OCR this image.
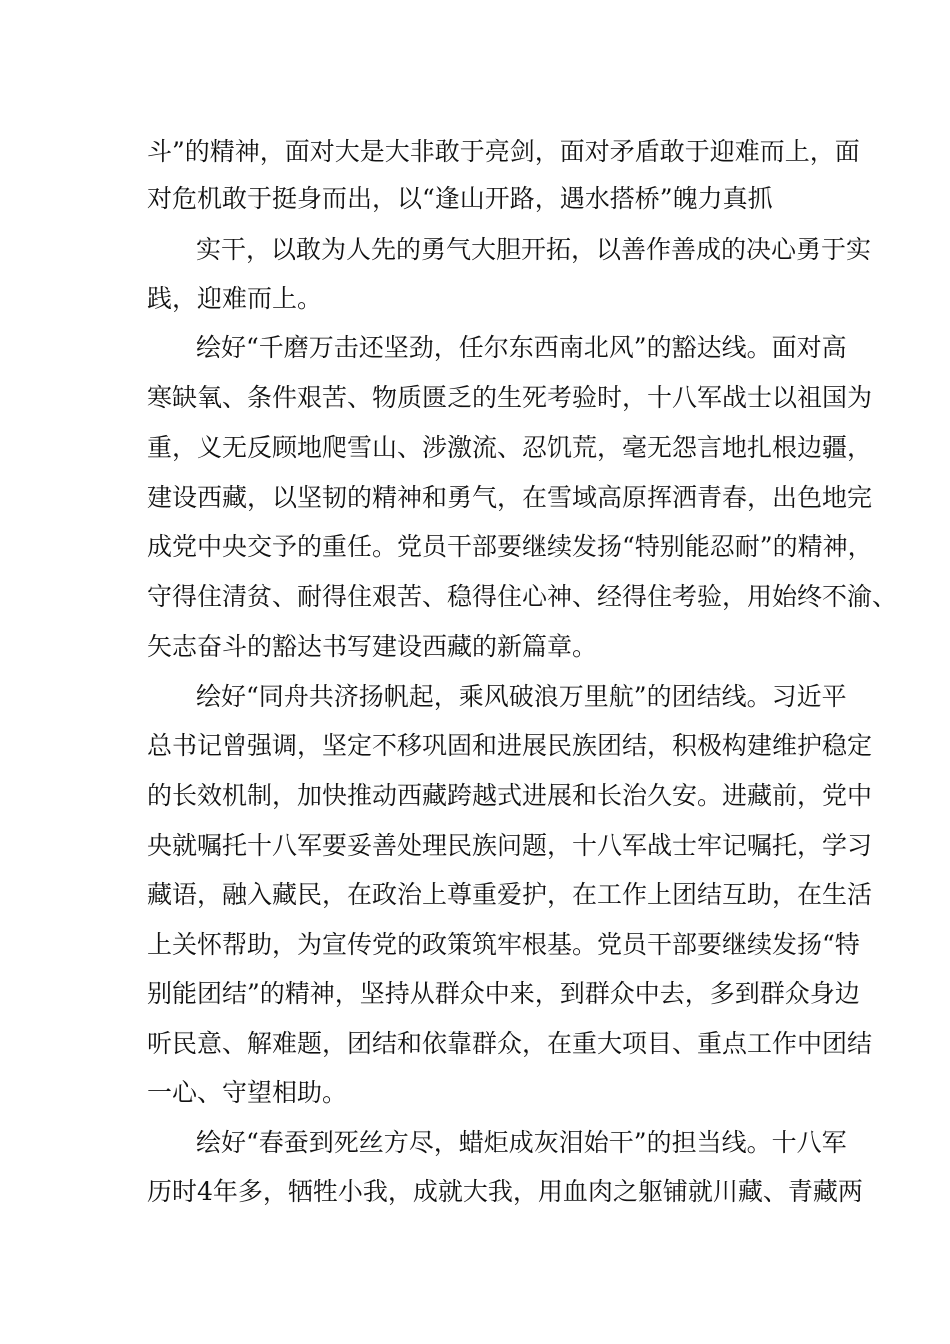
斗”的精神，面对大是大非敢于亮剑，面对矛盾敢于迎难而上，面
对危机敢于挺身而出，以“逢山开路，遇水搭桥”魄力真抓
实干，以敢为人先的勇气大胆开拓，以善作善成的决心勇于实
践，迎难而上。
绘好“千磨万击还坚劲，任尔东西南北风”的豁达线。面对高
寒缺氧、条件艰苦、物质匮乏的生死考验时，十八军战士以祖国为
重，义无反顾地爬雪山、涉激流、忍饥荒，毫无怨言地扎根边疆，
建设西藏，以坚韧的精神和勇气，在雪域高原挥洒青春，出色地完
成党中央交予的重任。党员干部要继续发扬“特别能忍耐”的精神，
守得住清贫、耐得住艰苦、稳得住心神、经得住考验，用始终不渝、
矢志奋斗的豁达书写建设西藏的新篇章。
绘好“同舟共济扬帆起，乘风破浪万里航”的团结线。习近平
总书记曾强调，坚定不移巩固和进展民族团结，积极构建维护稳定
的长效机制，加快推动西藏跨越式进展和长治久安。进藏前，党中
央就嘱托十八军要妥善处理民族问题，十八军战士牢记嘱托，学习
藏语，融入藏民，在政治上尊重爱护，在工作上团结互助，在生活
上关怀帮助，为宣传党的政策筑牢根基。党员干部要继续发扬“特
别能团结”的精神，坚持从群众中来，到群众中去，多到群众身边
听民意、解难题，团结和依靠群众，在重大项目、重点工作中团结
一心、守望相助。
绘好“春蚕到死丝方尽，蜡炬成灰泪始干”的担当线。十八军
历时4年多，牺牲小我，成就大我，用血肉之躯铺就川藏、青藏两
